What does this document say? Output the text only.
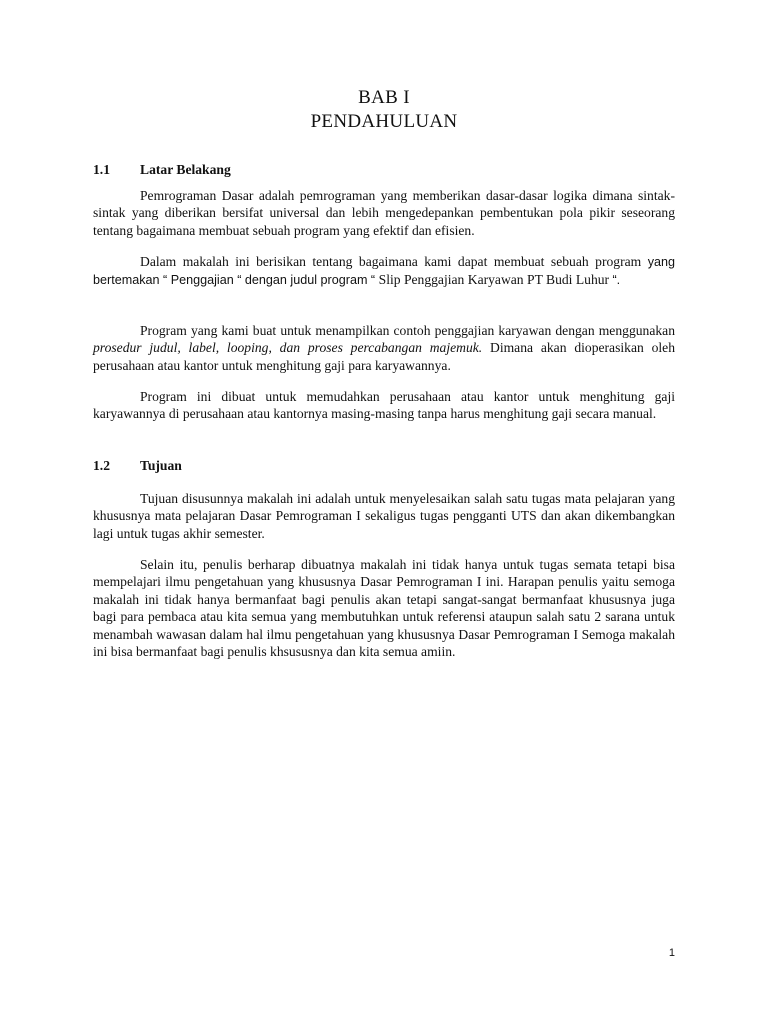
BAB I
PENDAHULUAN
1.1 Latar Belakang

Pemrograman Dasar adalah pemrograman yang memberikan dasar-dasar logika dimana sintak-sintak yang diberikan bersifat universal dan lebih mengedepankan pembentukan pola pikir seseorang tentang bagaimana membuat sebuah program yang efektif dan efisien.

Dalam makalah ini berisikan tentang bagaimana kami dapat membuat sebuah program yang bertemakan “ Penggajian “ dengan judul program “ Slip Penggajian Karyawan PT Budi Luhur “.

Program yang kami buat untuk menampilkan contoh penggajian karyawan dengan menggunakan prosedur judul, label, looping, dan proses percabangan majemuk. Dimana akan dioperasikan oleh perusahaan atau kantor untuk menghitung gaji para karyawannya.

Program ini dibuat untuk memudahkan perusahaan atau kantor untuk menghitung gaji karyawannya di perusahaan atau kantornya masing-masing tanpa harus menghitung gaji secara manual.

1.2 Tujuan

Tujuan disusunnya makalah ini adalah untuk menyelesaikan salah satu tugas mata pelajaran yang khususnya mata pelajaran Dasar Pemrograman I sekaligus tugas pengganti UTS dan akan dikembangkan lagi untuk tugas akhir semester.

Selain itu, penulis berharap dibuatnya makalah ini tidak hanya untuk tugas semata tetapi bisa mempelajari ilmu pengetahuan yang khususnya Dasar Pemrograman I ini. Harapan penulis yaitu semoga makalah ini tidak hanya bermanfaat bagi penulis akan tetapi sangat-sangat bermanfaat khususnya juga bagi para pembaca atau kita semua yang membutuhkan untuk referensi ataupun salah satu 2 sarana untuk menambah wawasan dalam hal ilmu pengetahuan yang khususnya Dasar Pemrograman I Semoga makalah ini bisa bermanfaat bagi penulis khsususnya dan kita semua amiin.

1
